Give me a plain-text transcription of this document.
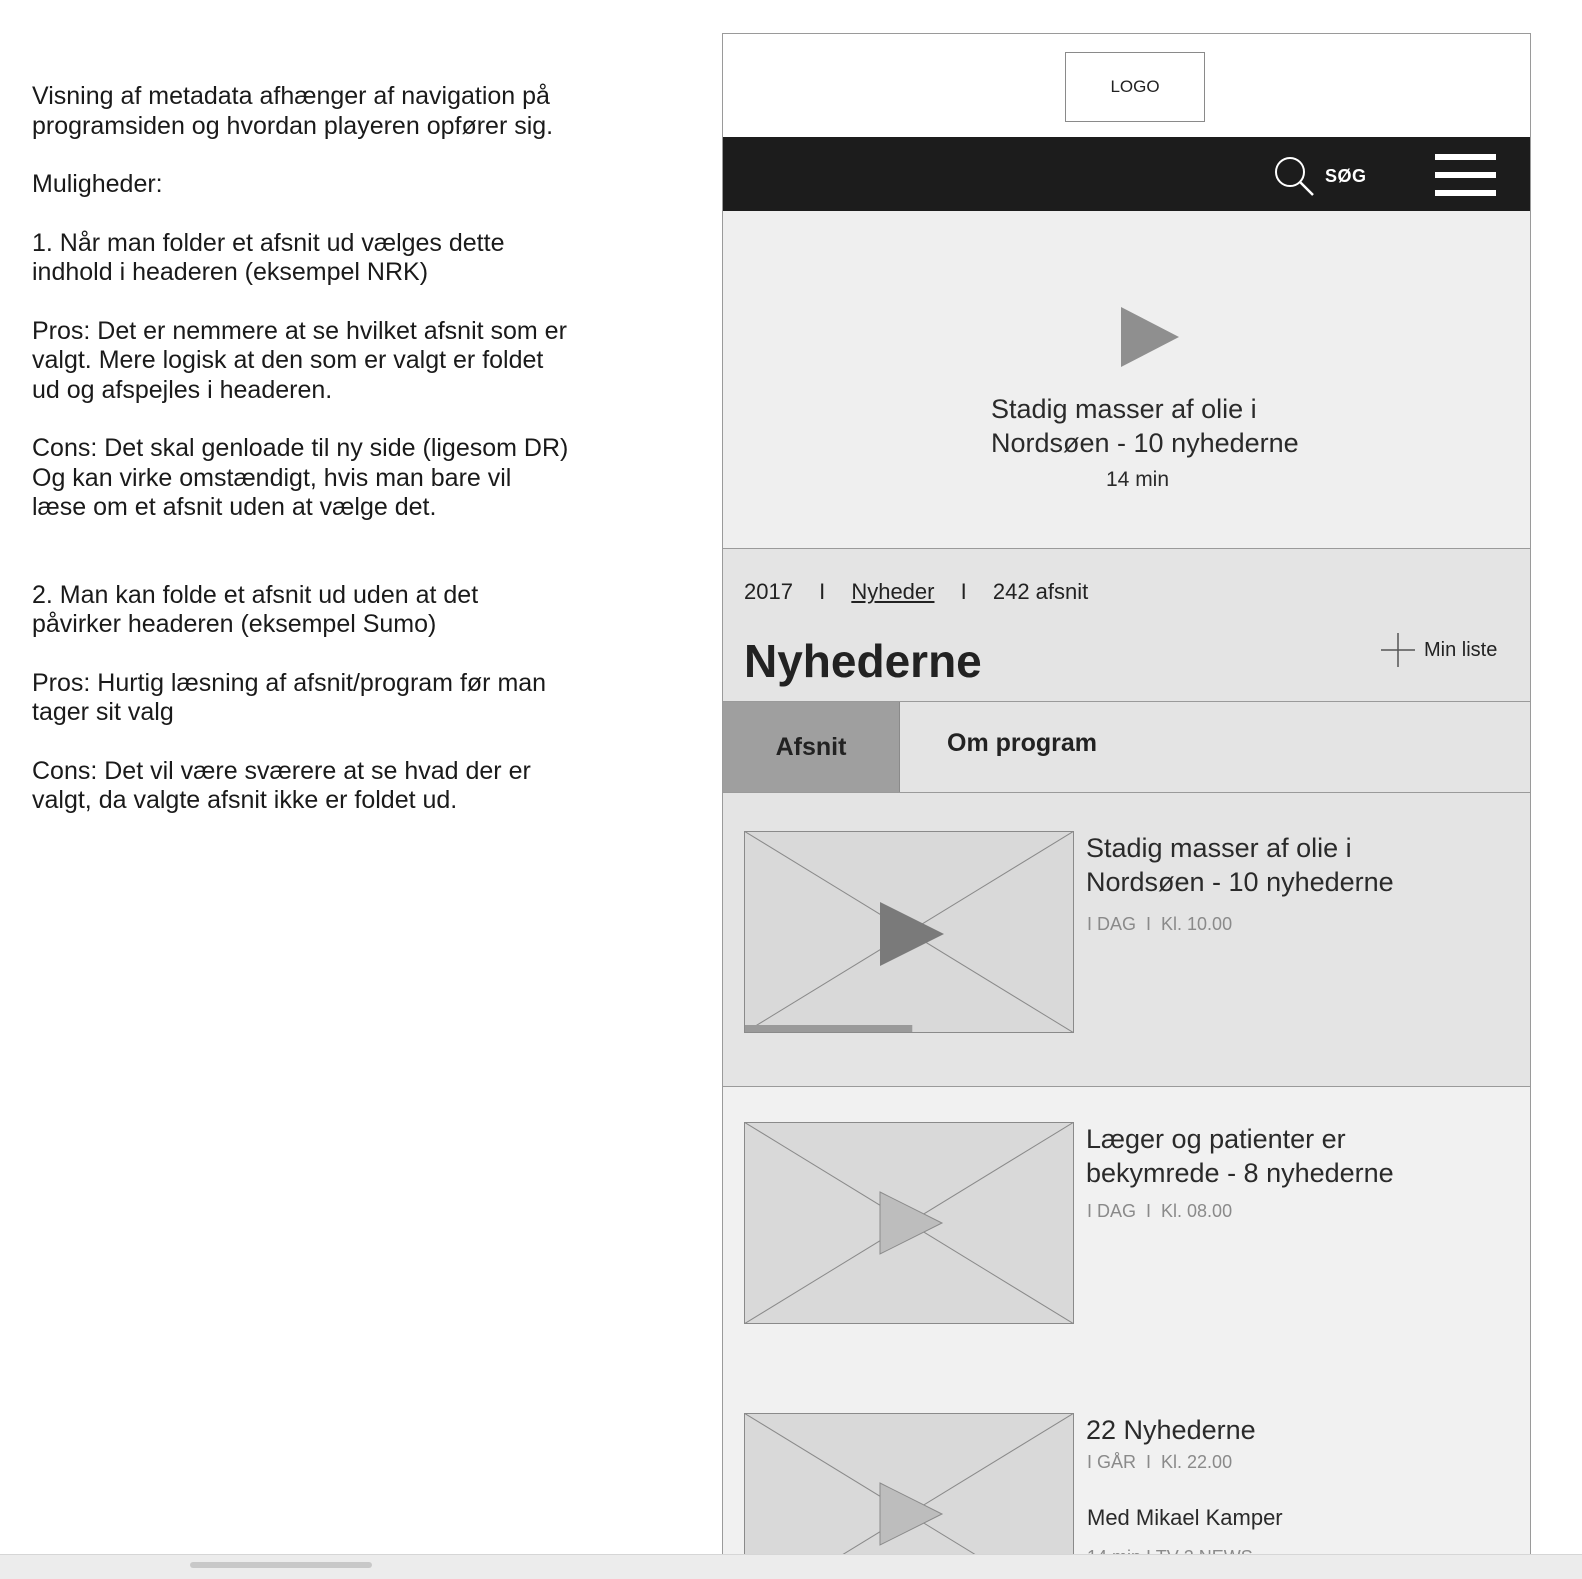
Visning af metadata afhænger af navigation på
programsiden og hvordan playeren opfører sig.

Muligheder:

1. Når man folder et afsnit ud vælges dette
indhold i headeren (eksempel NRK)

Pros: Det er nemmere at se hvilket afsnit som er
valgt. Mere logisk at den som er valgt er foldet
ud og afspejles i headeren.

Cons: Det skal genloade til ny side (ligesom DR)
Og kan virke omstændigt, hvis man bare vil
læse om et afsnit uden at vælge det.

2. Man kan folde et afsnit ud uden at det
påvirker headeren (eksempel Sumo)

Pros: Hurtig læsning af afsnit/program før man
tager sit valg

Cons: Det vil være sværere at se hvad der er
valgt, da valgte afsnit ikke er foldet ud.

LOGO
SØG
Stadig masser af olie i
Nordsøen - 10 nyhederne
14 min
2017 I Nyheder I 242 afsnit
Nyhederne	Min liste
Afsnit	Om program
Stadig masser af olie i
Nordsøen - 10 nyhederne
I DAG I Kl. 10.00
Læger og patienter er
bekymrede - 8 nyhederne
I DAG I Kl. 08.00
22 Nyhederne
I GÅR I Kl. 22.00
Med Mikael Kamper
